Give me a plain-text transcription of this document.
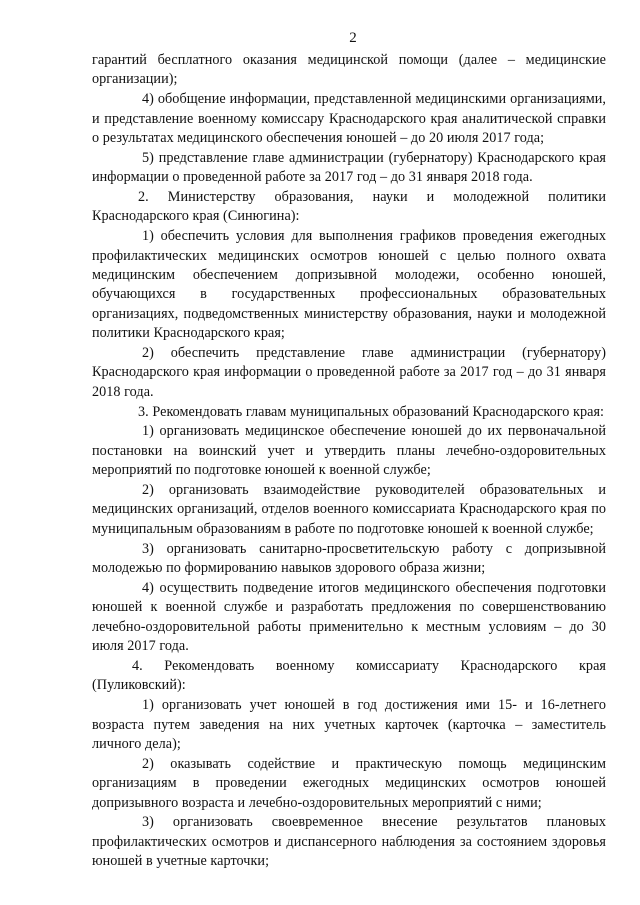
2

гарантий бесплатного оказания медицинской помощи (далее – медицинские организации);

4) обобщение информации, представленной медицинскими организациями, и представление военному комиссару Краснодарского края аналитической справки о результатах медицинского обеспечения юношей – до 20 июля 2017 года;

5) представление главе администрации (губернатору) Краснодарского края информации о проведенной работе за 2017 год – до 31 января 2018 года.

2. Министерству образования, науки и молодежной политики Краснодарского края (Синюгина):

1) обеспечить условия для выполнения графиков проведения ежегодных профилактических медицинских осмотров юношей с целью полного охвата медицинским обеспечением допризывной молодежи, особенно юношей, обучающихся в государственных профессиональных образовательных организациях, подведомственных министерству образования, науки и молодежной политики Краснодарского края;

2) обеспечить представление главе администрации (губернатору) Краснодарского края информации о проведенной работе за 2017 год – до 31 января 2018 года.

3. Рекомендовать главам муниципальных образований Краснодарского края:

1) организовать медицинское обеспечение юношей до их первоначальной постановки на воинский учет и утвердить планы лечебно-оздоровительных мероприятий по подготовке юношей к военной службе;

2) организовать взаимодействие руководителей образовательных и медицинских организаций, отделов военного комиссариата Краснодарского края по муниципальным образованиям в работе по подготовке юношей к военной службе;

3) организовать санитарно-просветительскую работу с допризывной молодежью по формированию навыков здорового образа жизни;

4) осуществить подведение итогов медицинского обеспечения подготовки юношей к военной службе и разработать предложения по совершенствованию лечебно-оздоровительной работы применительно к местным условиям – до 30 июля 2017 года.

4. Рекомендовать военному комиссариату Краснодарского края (Пуликовский):

1) организовать учет юношей в год достижения ими 15- и 16-летнего возраста путем заведения на них учетных карточек (карточка – заместитель личного дела);

2) оказывать содействие и практическую помощь медицинским организациям в проведении ежегодных медицинских осмотров юношей допризывного возраста и лечебно-оздоровительных мероприятий с ними;

3) организовать своевременное внесение результатов плановых профилактических осмотров и диспансерного наблюдения за состоянием здоровья юношей в учетные карточки;
